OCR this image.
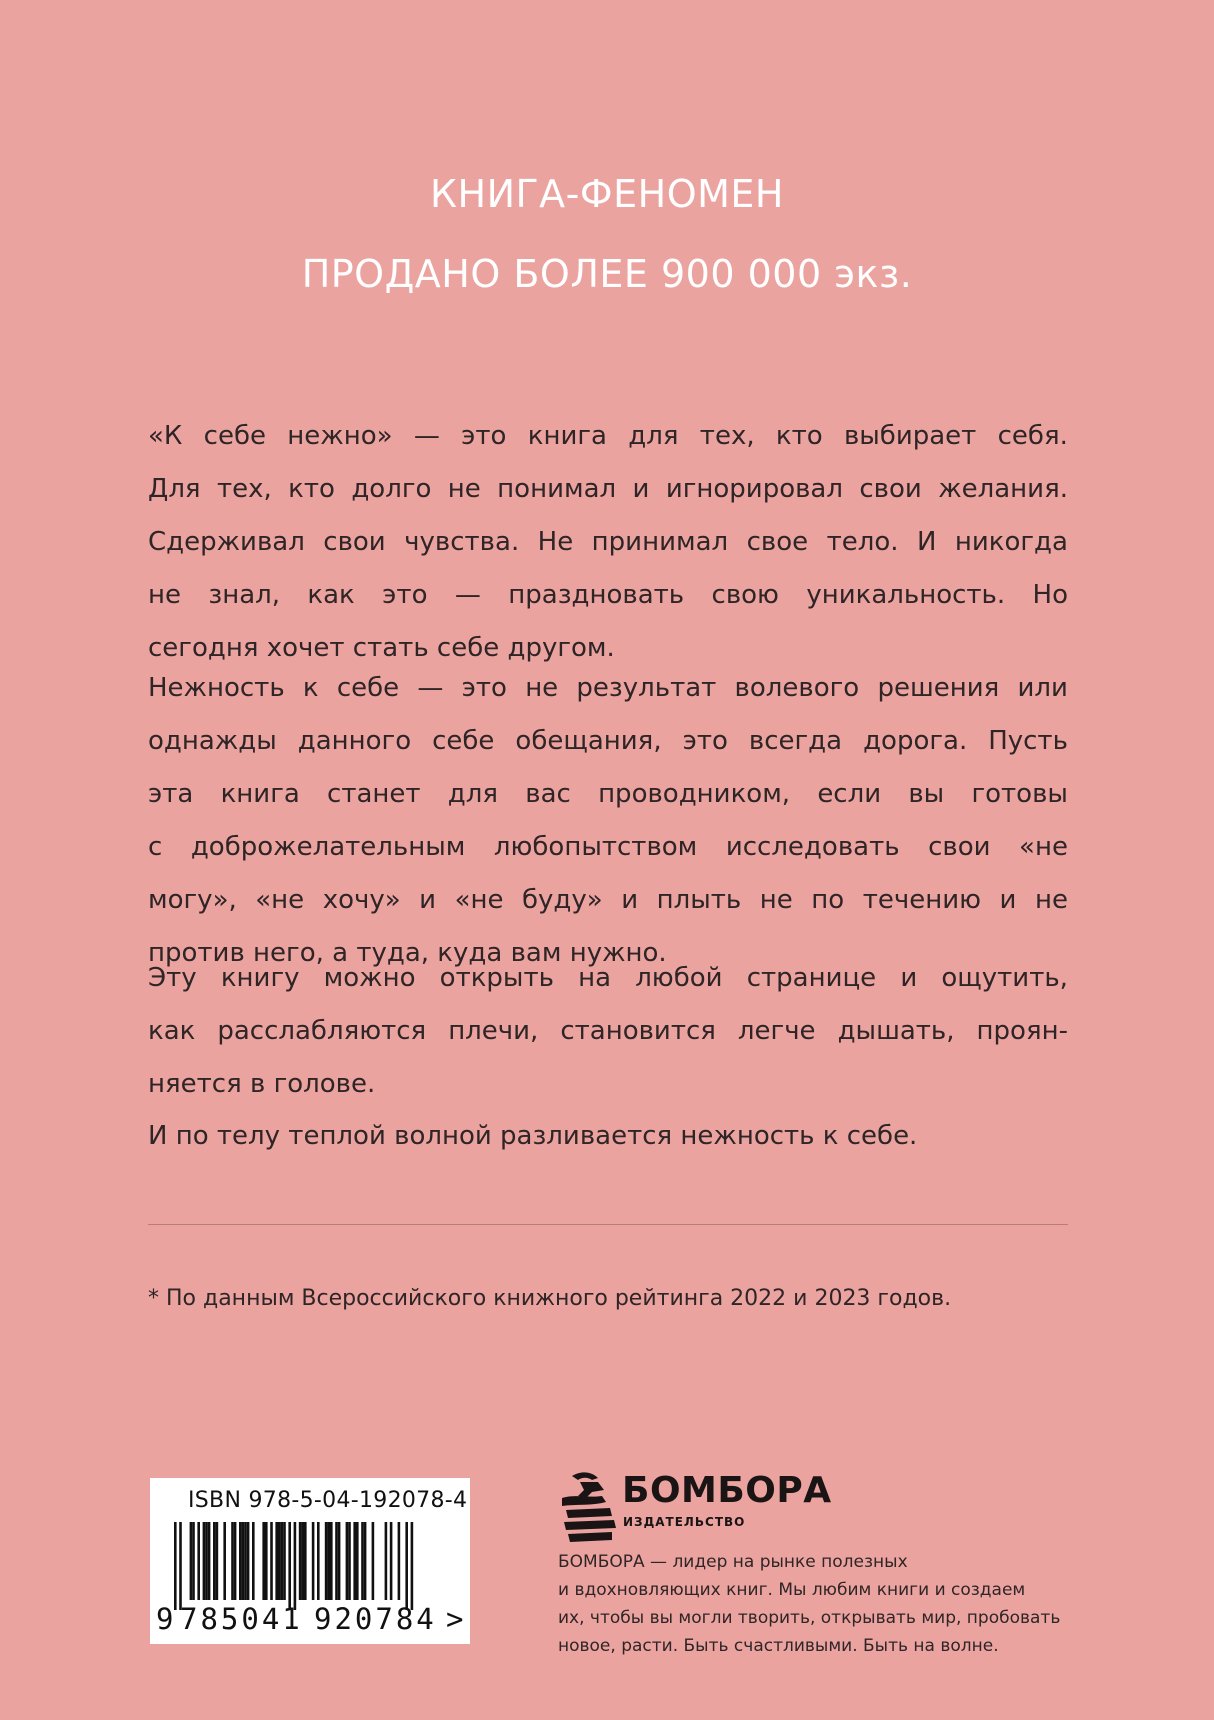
КНИГА-ФЕНОМЕН
ПРОДАНО БОЛЕЕ 900 000 экз.
«К себе нежно» — это книга для тех, кто выбирает себя.
Для тех, кто долго не понимал и игнорировал свои желания.
Сдерживал свои чувства. Не принимал свое тело. И никогда
не знал, как это — праздновать свою уникальность. Но
сегодня хочет стать себе другом.
Нежность к себе — это не результат волевого решения или
однажды данного себе обещания, это всегда дорога. Пусть
эта книга станет для вас проводником, если вы готовы
с доброжелательным любопытством исследовать свои «не
могу», «не хочу» и «не буду» и плыть не по течению и не
против него, а туда, куда вам нужно.
Эту книгу можно открыть на любой странице и ощутить,
как расслабляются плечи, становится легче дышать, проян-
няется в голове.
И по телу теплой волной разливается нежность к себе.
* По данным Всероссийского книжного рейтинга 2022 и 2023 годов.
ISBN 978-5-04-192078-4
9 785041 920784 >
БОМБОРА
ИЗДАТЕЛЬСТВО
БОМБОРА — лидер на рынке полезных
и вдохновляющих книг. Мы любим книги и создаем
их, чтобы вы могли творить, открывать мир, пробовать
новое, расти. Быть счастливыми. Быть на волне.
